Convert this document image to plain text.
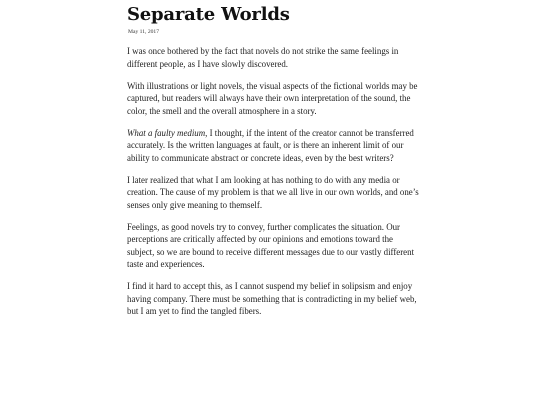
Separate Worlds
May 11, 2017

I was once bothered by the fact that novels do not strike the same feelings in different people, as I have slowly discovered.

With illustrations or light novels, the visual aspects of the fictional worlds may be captured, but readers will always have their own interpretation of the sound, the color, the smell and the overall atmosphere in a story.

What a faulty medium, I thought, if the intent of the creator cannot be transferred accurately. Is the written languages at fault, or is there an inherent limit of our ability to communicate abstract or concrete ideas, even by the best writers?

I later realized that what I am looking at has nothing to do with any media or creation. The cause of my problem is that we all live in our own worlds, and one’s senses only give meaning to themself.

Feelings, as good novels try to convey, further complicates the situation. Our perceptions are critically affected by our opinions and emotions toward the subject, so we are bound to receive different messages due to our vastly different taste and experiences.

I find it hard to accept this, as I cannot suspend my belief in solipsism and enjoy having company. There must be something that is contradicting in my belief web, but I am yet to find the tangled fibers.
